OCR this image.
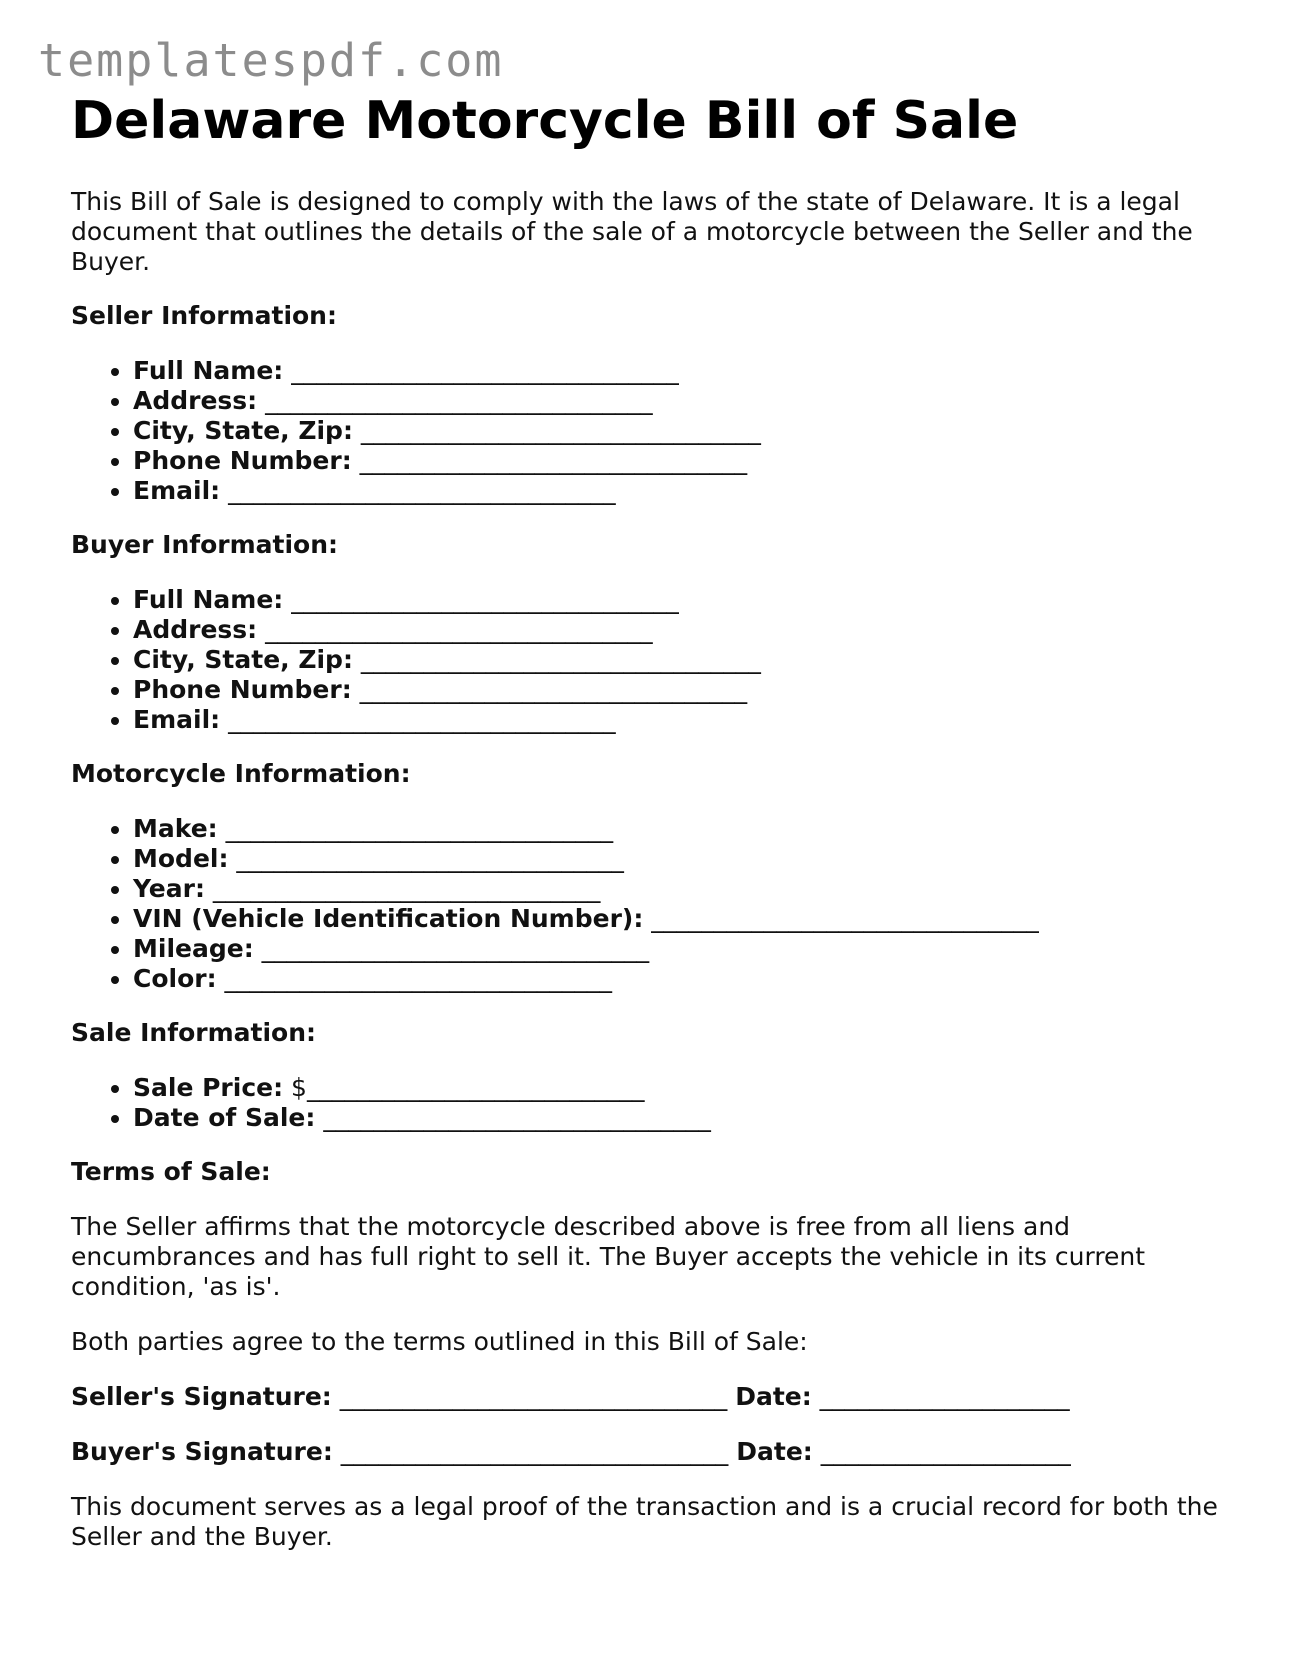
templatespdf.com
Delaware Motorcycle Bill of Sale

This Bill of Sale is designed to comply with the laws of the state of Delaware. It is a legal document that outlines the details of the sale of a motorcycle between the Seller and the Buyer.

Seller Information:
• Full Name: _______________________________
• Address: _______________________________
• City, State, Zip: ________________________________
• Phone Number: _______________________________
• Email: _______________________________
Buyer Information:
• Full Name: _______________________________
• Address: _______________________________
• City, State, Zip: ________________________________
• Phone Number: _______________________________
• Email: _______________________________
Motorcycle Information:
• Make: _______________________________
• Model: _______________________________
• Year: _______________________________
• VIN (Vehicle Identification Number): _______________________________
• Mileage: _______________________________
• Color: _______________________________
Sale Information:
• Sale Price: $___________________________
• Date of Sale: _______________________________
Terms of Sale:

The Seller affirms that the motorcycle described above is free from all liens and encumbrances and has full right to sell it. The Buyer accepts the vehicle in its current condition, 'as is'.

Both parties agree to the terms outlined in this Bill of Sale:

Seller's Signature: _______________________________ Date: ____________________
Buyer's Signature: _______________________________ Date: ____________________

This document serves as a legal proof of the transaction and is a crucial record for both the Seller and the Buyer.
